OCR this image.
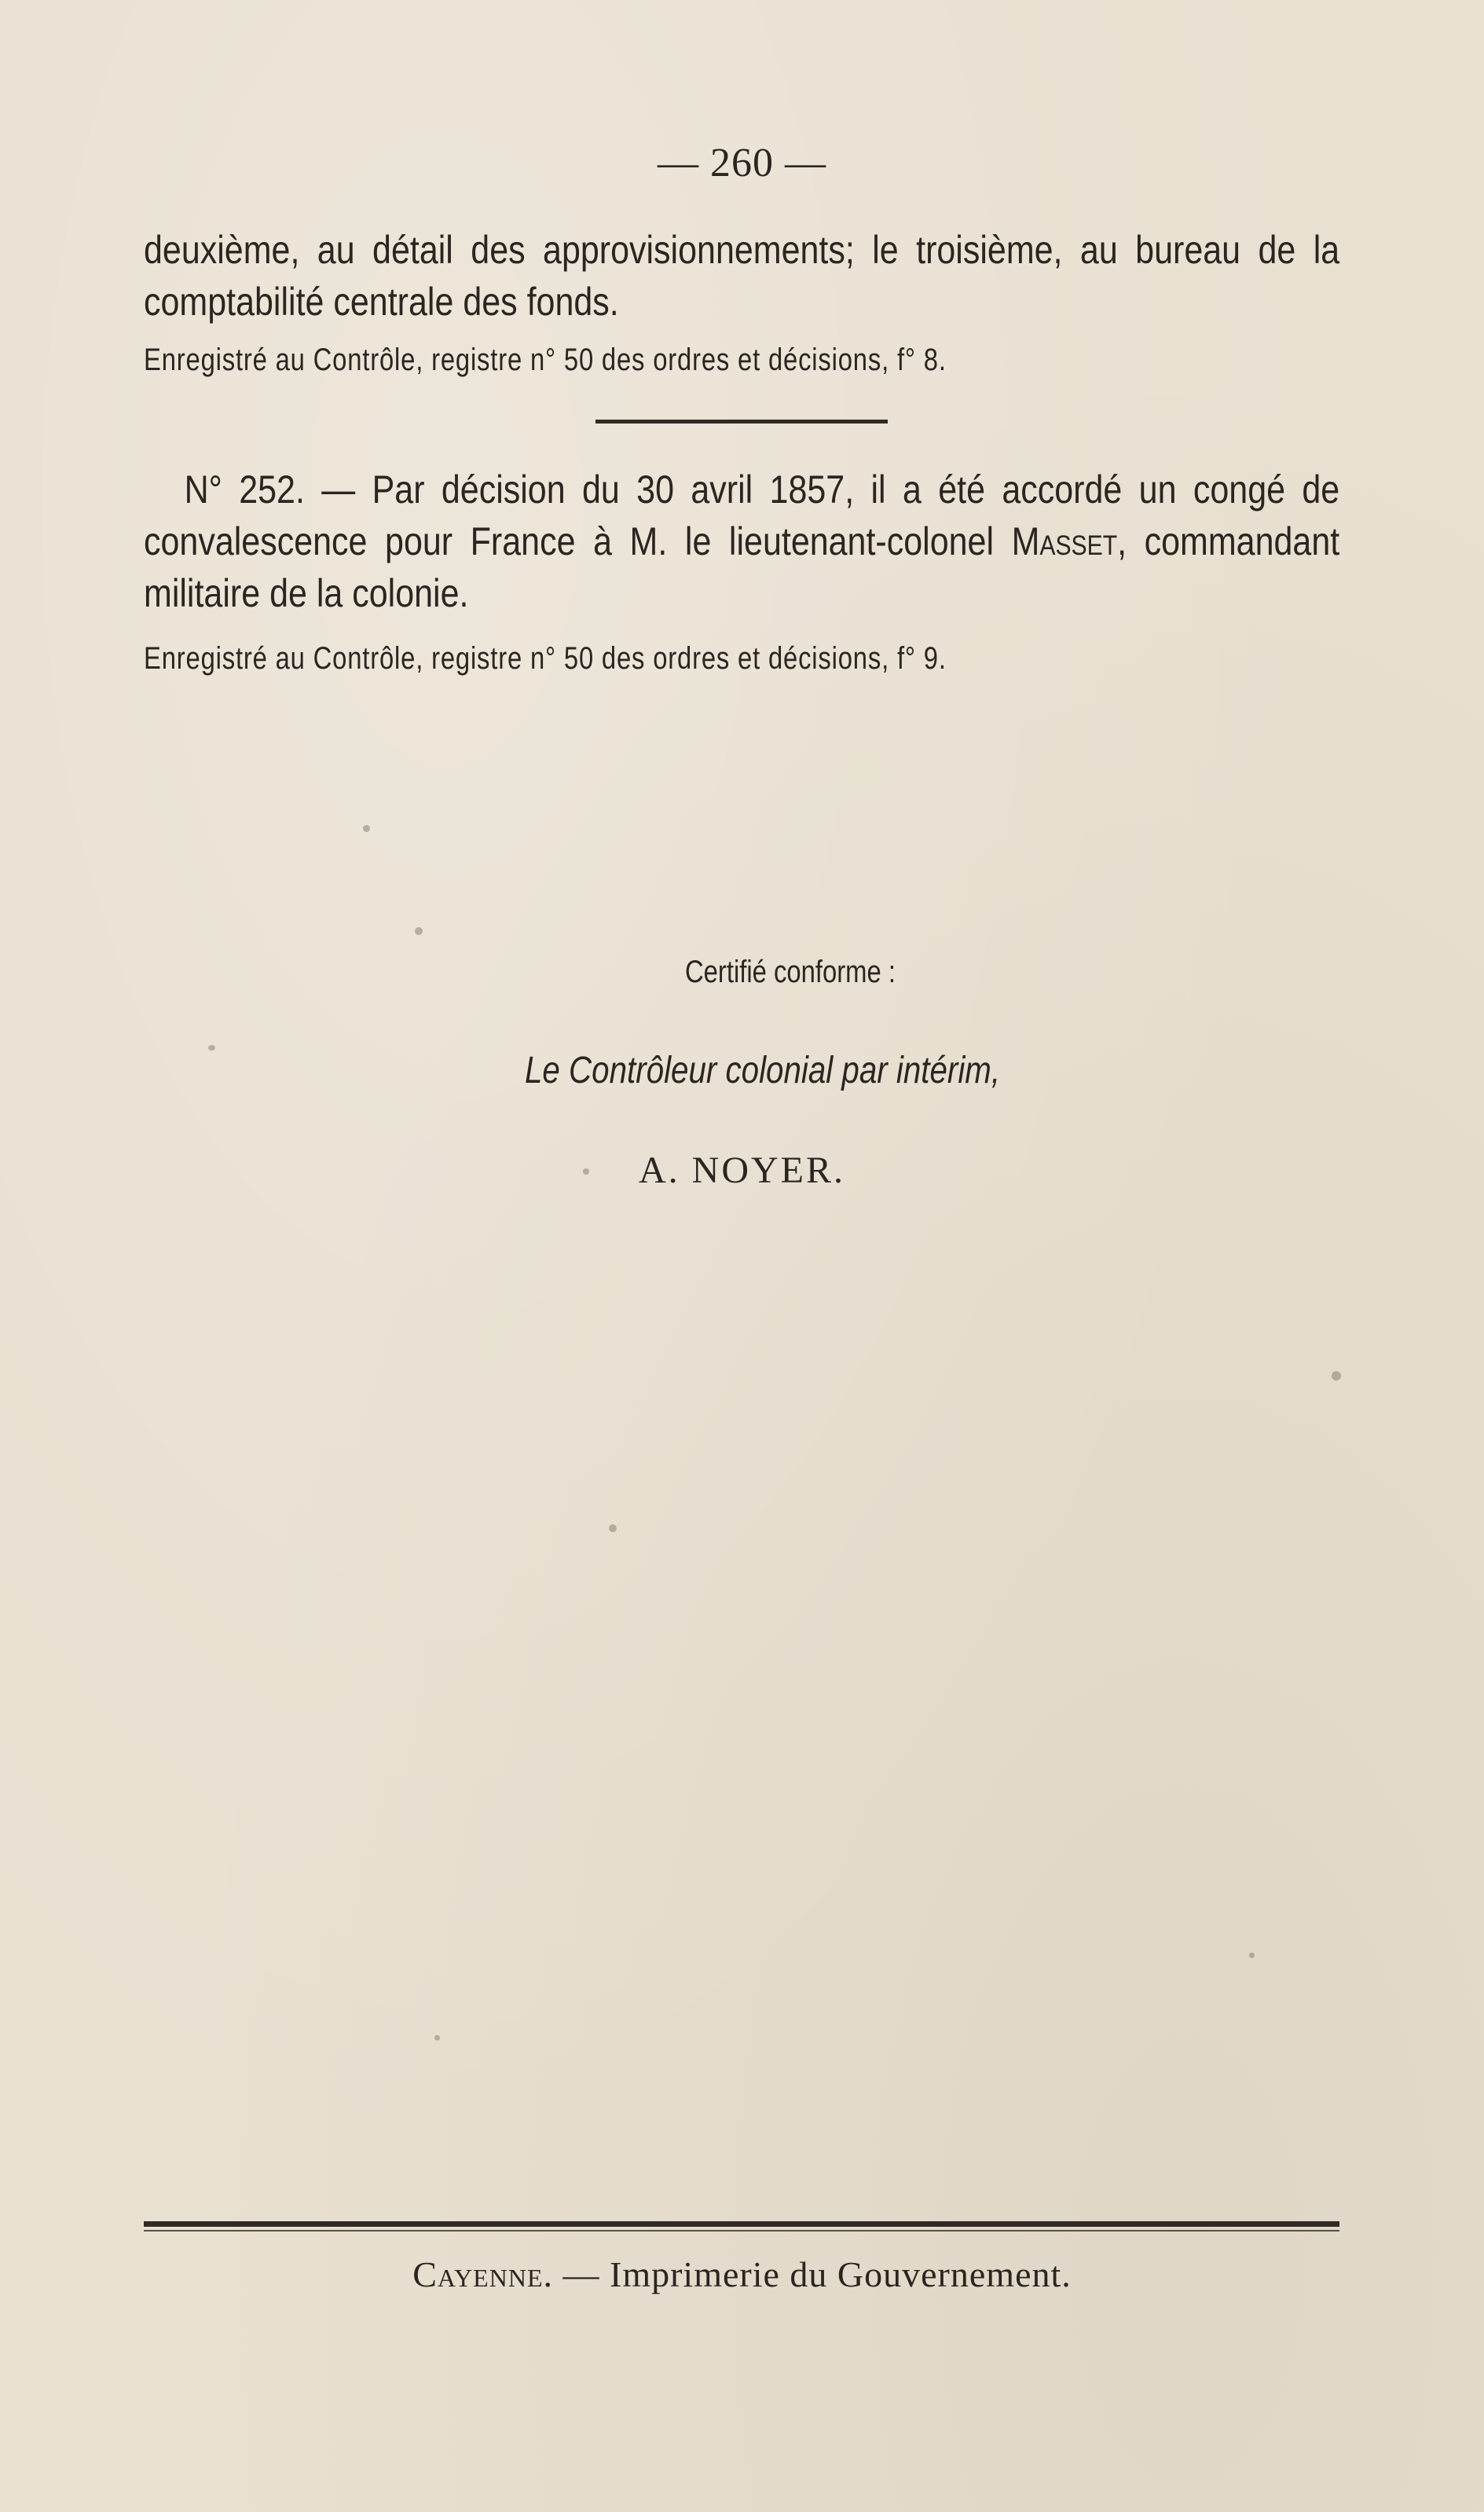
— 260 —
deuxième, au détail des approvisionnements; le troisième, au bureau de la comptabilité centrale des fonds.
Enregistré au Contrôle, registre n° 50 des ordres et décisions, f° 8.
N° 252. — Par décision du 30 avril 1857, il a été accordé un congé de convalescence pour France à M. le lieutenant-colonel Masset, commandant militaire de la colonie.
Enregistré au Contrôle, registre n° 50 des ordres et décisions, f° 9.
Certifié conforme :
Le Contrôleur colonial par intérim,
A. NOYER.
Cayenne. — Imprimerie du Gouvernement.
